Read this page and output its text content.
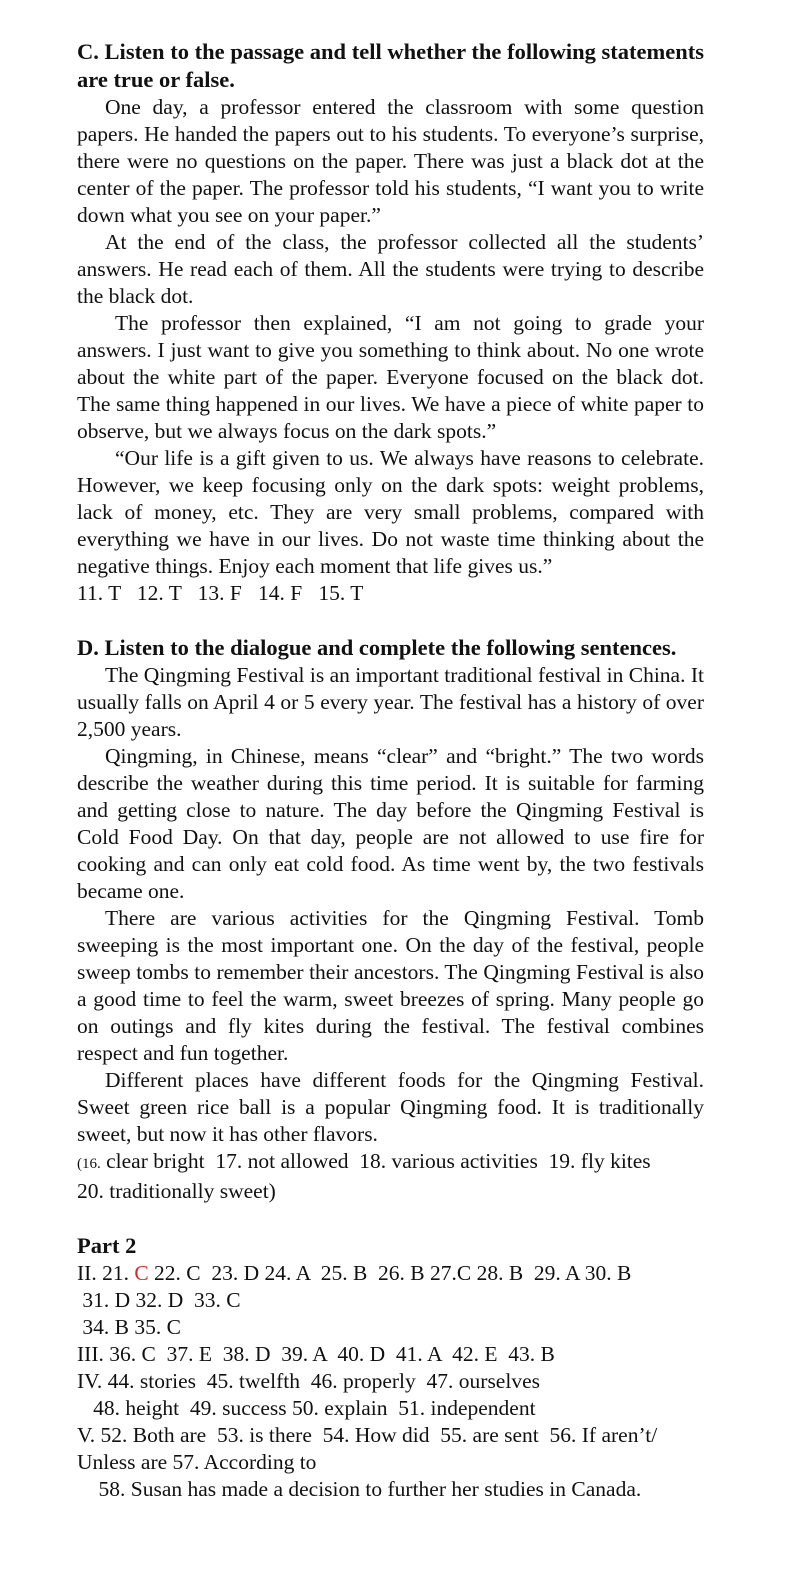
C. Listen to the passage and tell whether the following statements are true or false.
One day, a professor entered the classroom with some question papers. He handed the papers out to his students. To everyone’s surprise, there were no questions on the paper. There was just a black dot at the center of the paper. The professor told his students, “I want you to write down what you see on your paper.”
At the end of the class, the professor collected all the students’ answers. He read each of them. All the students were trying to describe the black dot.
The professor then explained, “I am not going to grade your answers. I just want to give you something to think about. No one wrote about the white part of the paper. Everyone focused on the black dot. The same thing happened in our lives. We have a piece of white paper to observe, but we always focus on the dark spots.”
“Our life is a gift given to us. We always have reasons to celebrate. However, we keep focusing only on the dark spots: weight problems, lack of money, etc. They are very small problems, compared with everything we have in our lives. Do not waste time thinking about the negative things. Enjoy each moment that life gives us.”
11. T   12. T   13. F   14. F   15. T
D. Listen to the dialogue and complete the following sentences.
The Qingming Festival is an important traditional festival in China. It usually falls on April 4 or 5 every year. The festival has a history of over 2,500 years.
Qingming, in Chinese, means “clear” and “bright.” The two words describe the weather during this time period. It is suitable for farming and getting close to nature. The day before the Qingming Festival is Cold Food Day. On that day, people are not allowed to use fire for cooking and can only eat cold food. As time went by, the two festivals became one.
There are various activities for the Qingming Festival. Tomb sweeping is the most important one. On the day of the festival, people sweep tombs to remember their ancestors. The Qingming Festival is also a good time to feel the warm, sweet breezes of spring. Many people go on outings and fly kites during the festival. The festival combines respect and fun together.
Different places have different foods for the Qingming Festival. Sweet green rice ball is a popular Qingming food. It is traditionally sweet, but now it has other flavors.
(16. clear bright  17. not allowed  18. various activities  19. fly kites
20. traditionally sweet)
Part 2
II. 21. C 22. C  23. D 24. A  25. B  26. B 27.C 28. B  29. A 30. B
31. D 32. D  33. C
34. B 35. C
III. 36. C  37. E  38. D  39. A  40. D  41. A  42. E  43. B
IV. 44. stories  45. twelfth  46. properly  47. ourselves
48. height  49. success 50. explain  51. independent
V. 52. Both are  53. is there  54. How did  55. are sent  56. If aren’t/
Unless are 57. According to
58. Susan has made a decision to further her studies in Canada.
